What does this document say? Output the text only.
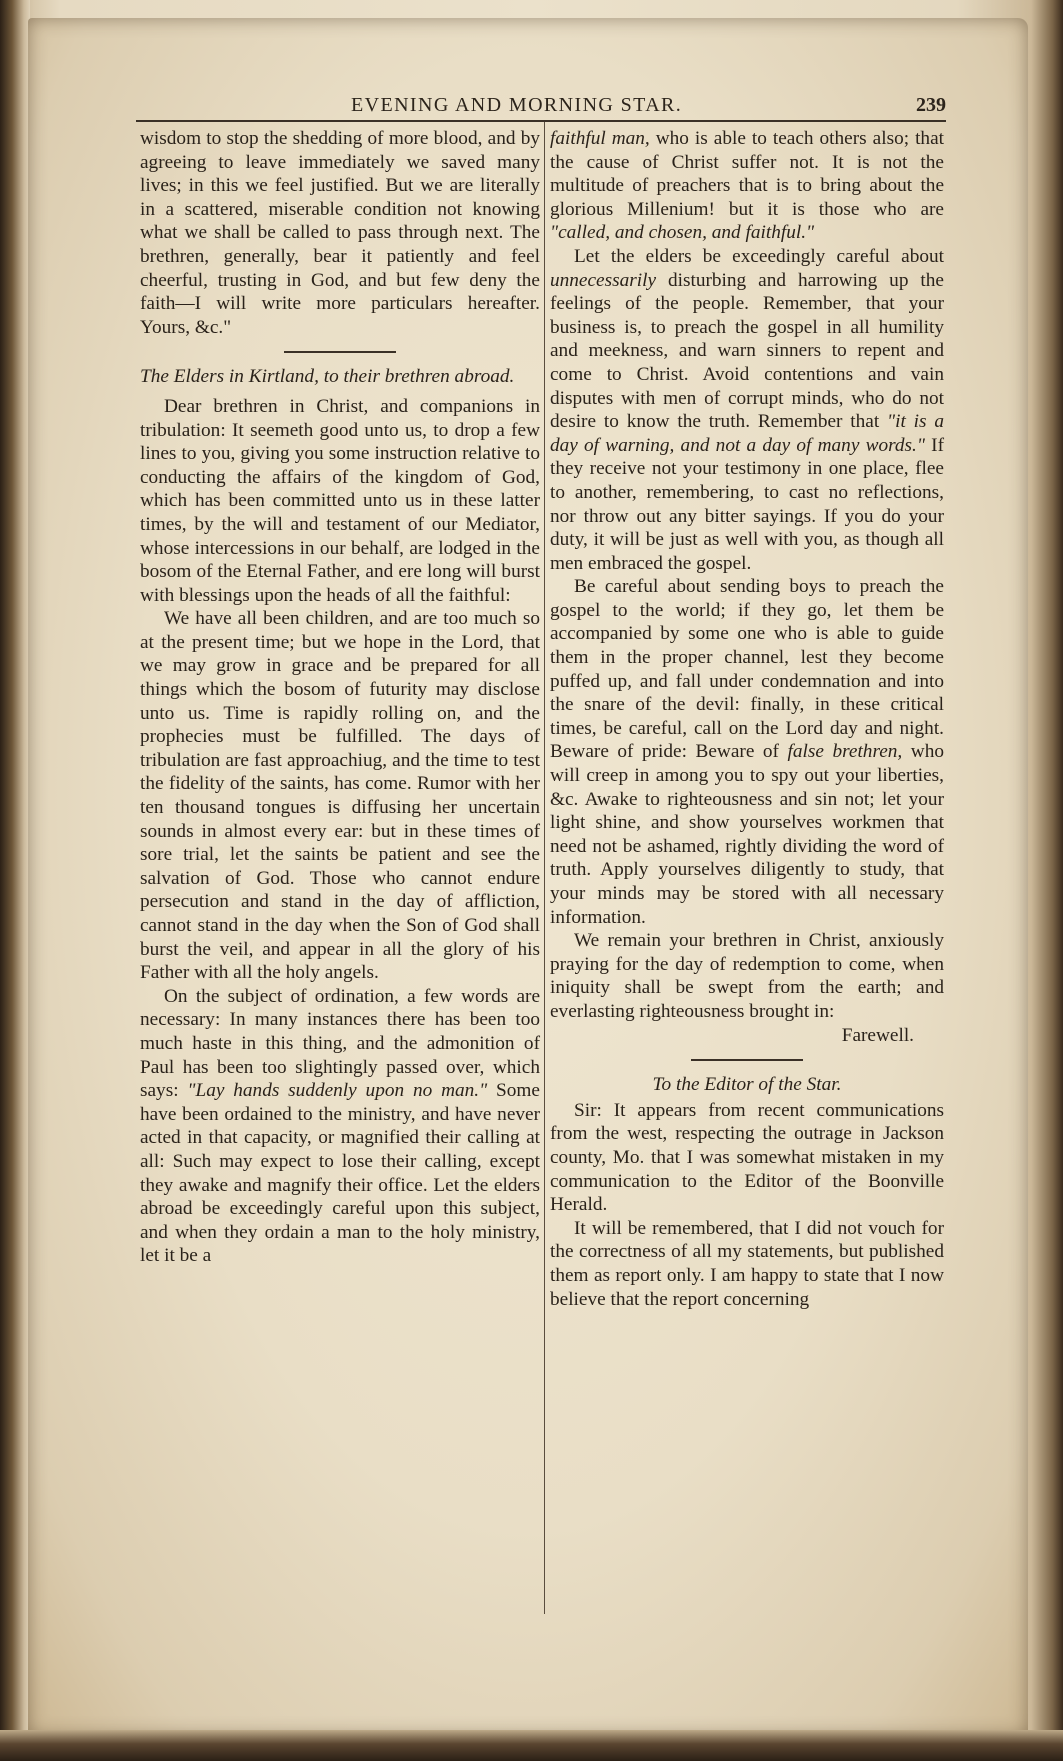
EVENING AND MORNING STAR.	239

wisdom to stop the shedding of more blood, and by agreeing to leave immediately we saved many lives; in this we feel justified. But we are literally in a scattered, miserable condition not knowing what we shall be called to pass through next. The brethren, generally, bear it patiently and feel cheerful, trusting in God, and but few deny the faith—I will write more particulars hereafter. Yours, &c."

The Elders in Kirtland, to their brethren abroad.

Dear brethren in Christ, and companions in tribulation: It seemeth good unto us, to drop a few lines to you, giving you some instruction relative to conducting the affairs of the kingdom of God, which has been committed unto us in these latter times, by the will and testament of our Mediator, whose intercessions in our behalf, are lodged in the bosom of the Eternal Father, and ere long will burst with blessings upon the heads of all the faithful:

We have all been children, and are too much so at the present time; but we hope in the Lord, that we may grow in grace and be prepared for all things which the bosom of futurity may disclose unto us. Time is rapidly rolling on, and the prophecies must be fulfilled. The days of tribulation are fast approachiug, and the time to test the fidelity of the saints, has come. Rumor with her ten thousand tongues is diffusing her uncertain sounds in almost every ear: but in these times of sore trial, let the saints be patient and see the salvation of God. Those who cannot endure persecution and stand in the day of affliction, cannot stand in the day when the Son of God shall burst the veil, and appear in all the glory of his Father with all the holy angels.

On the subject of ordination, a few words are necessary: In many instances there has been too much haste in this thing, and the admonition of Paul has been too slightingly passed over, which says: "Lay hands suddenly upon no man." Some have been ordained to the ministry, and have never acted in that capacity, or magnified their calling at all: Such may expect to lose their calling, except they awake and magnify their office. Let the elders abroad be exceedingly careful upon this subject, and when they ordain a man to the holy ministry, let it be a

faithful man, who is able to teach others also; that the cause of Christ suffer not. It is not the multitude of preachers that is to bring about the glorious Millenium! but it is those who are "called, and chosen, and faithful."

Let the elders be exceedingly careful about unnecessarily disturbing and harrowing up the feelings of the people. Remember, that your business is, to preach the gospel in all humility and meekness, and warn sinners to repent and come to Christ. Avoid contentions and vain disputes with men of corrupt minds, who do not desire to know the truth. Remember that "it is a day of warning, and not a day of many words." If they receive not your testimony in one place, flee to another, remembering, to cast no reflections, nor throw out any bitter sayings. If you do your duty, it will be just as well with you, as though all men embraced the gospel.

Be careful about sending boys to preach the gospel to the world; if they go, let them be accompanied by some one who is able to guide them in the proper channel, lest they become puffed up, and fall under condemnation and into the snare of the devil: finally, in these critical times, be careful, call on the Lord day and night. Beware of pride: Beware of false brethren, who will creep in among you to spy out your liberties, &c. Awake to righteousness and sin not; let your light shine, and show yourselves workmen that need not be ashamed, rightly dividing the word of truth. Apply yourselves diligently to study, that your minds may be stored with all necessary information.

We remain your brethren in Christ, anxiously praying for the day of redemption to come, when iniquity shall be swept from the earth; and everlasting righteousness brought in:

Farewell.

To the Editor of the Star.

Sir: It appears from recent communications from the west, respecting the outrage in Jackson county, Mo. that I was somewhat mistaken in my communication to the Editor of the Boonville Herald.

It will be remembered, that I did not vouch for the correctness of all my statements, but published them as report only. I am happy to state that I now believe that the report concerning
